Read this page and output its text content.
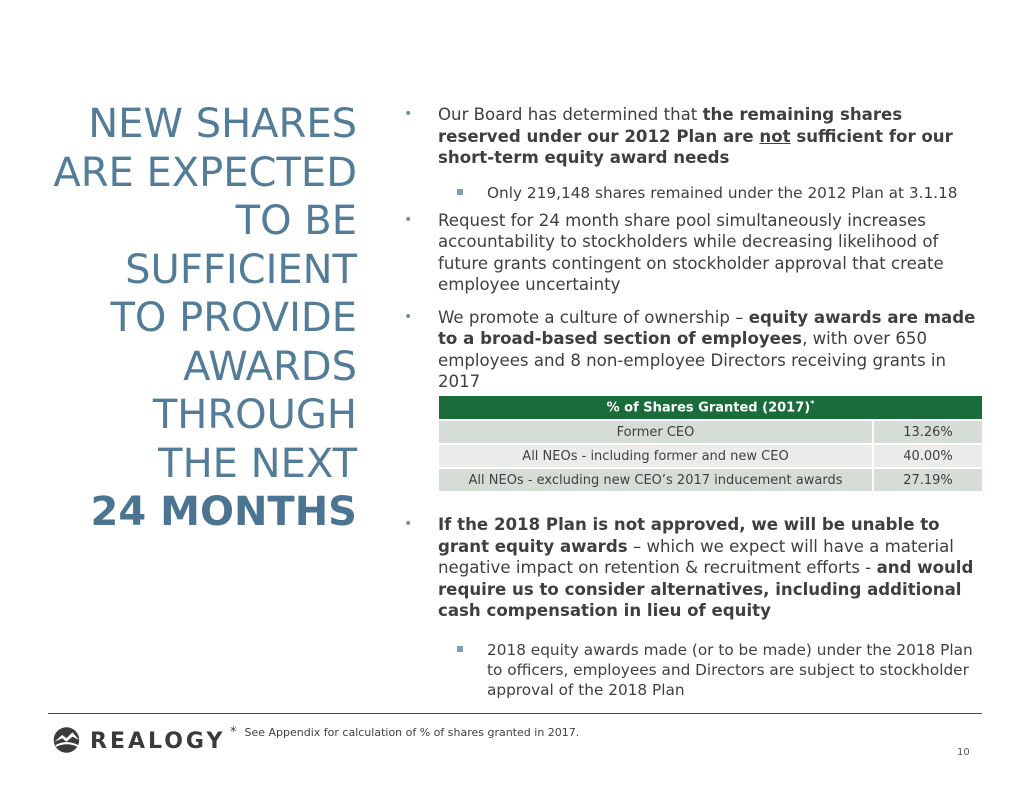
NEW SHARES
ARE EXPECTED
TO BE
SUFFICIENT
TO PROVIDE
AWARDS
THROUGH
THE NEXT
24 MONTHS
• Our Board has determined that the remaining shares reserved under our 2012 Plan are not sufficient for our short-term equity award needs
Only 219,148 shares remained under the 2012 Plan at 3.1.18
• Request for 24 month share pool simultaneously increases accountability to stockholders while decreasing likelihood of future grants contingent on stockholder approval that create employee uncertainty
• We promote a culture of ownership – equity awards are made to a broad-based section of employees, with over 650 employees and 8 non-employee Directors receiving grants in 2017
% of Shares Granted (2017)*
Former CEO	13.26%
All NEOs - including former and new CEO	40.00%
All NEOs - excluding new CEO’s 2017 inducement awards	27.19%
• If the 2018 Plan is not approved, we will be unable to grant equity awards – which we expect will have a material negative impact on retention & recruitment efforts - and would require us to consider alternatives, including additional cash compensation in lieu of equity
2018 equity awards made (or to be made) under the 2018 Plan to officers, employees and Directors are subject to stockholder approval of the 2018 Plan
REALOGY * See Appendix for calculation of % of shares granted in 2017.
10
